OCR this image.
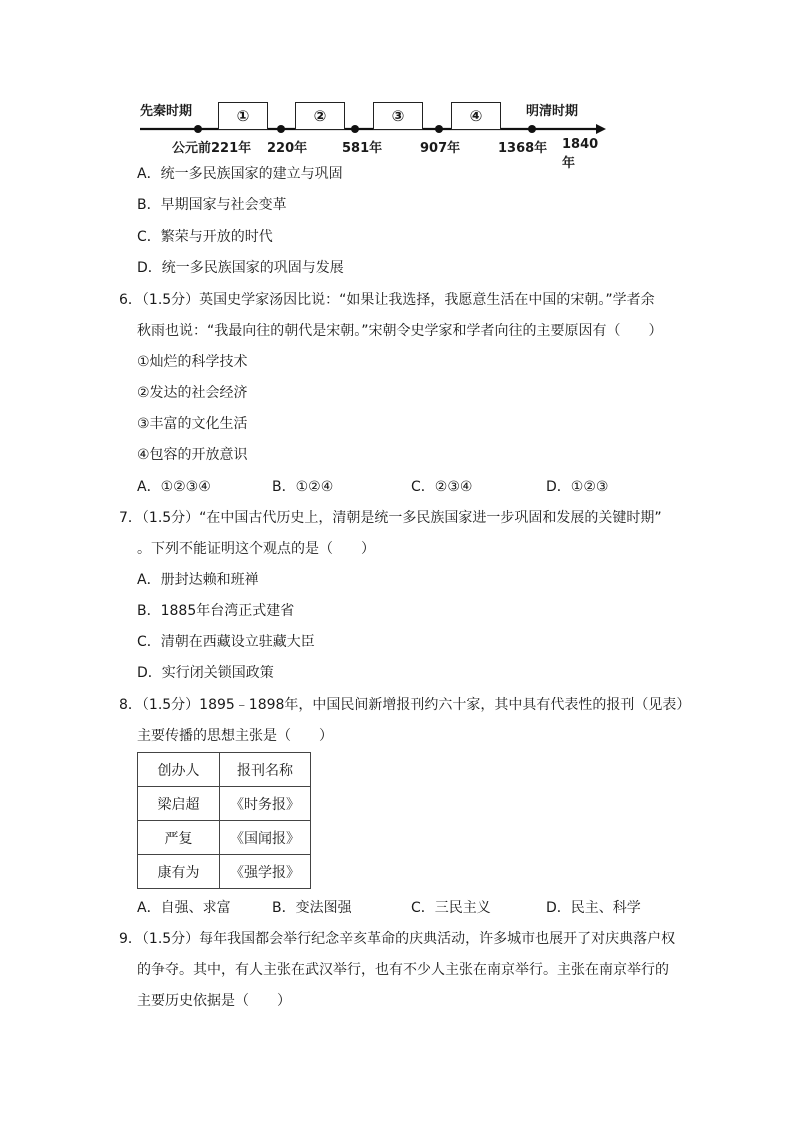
先秦时期	明清时期
①	②	③	④
公元前221年 220年	581年	907年	1368年 1840年
A．统一多民族国家的建立与巩固
B．早期国家与社会变革
C．繁荣与开放的时代
D．统一多民族国家的巩固与发展
6．（1.5分）英国史学家汤因比说：“如果让我选择，我愿意生活在中国的宋朝。”学者余
秋雨也说：“我最向往的朝代是宋朝。”宋朝令史学家和学者向往的主要原因有（　　）
①灿烂的科学技术
②发达的社会经济
③丰富的文化生活
④包容的开放意识
A．①②③④	B．①②④	C．②③④	D．①②③
7．（1.5分）“在中国古代历史上，清朝是统一多民族国家进一步巩固和发展的关键时期”
。下列不能证明这个观点的是（　　）
A．册封达赖和班禅
B．1885年台湾正式建省
C．清朝在西藏设立驻藏大臣
D．实行闭关锁国政策
8．（1.5分）1895﹣1898年，中国民间新增报刊约六十家，其中具有代表性的报刊（见表）
主要传播的思想主张是（　　）
创办人	报刊名称
梁启超	《时务报》
严复	《国闻报》
康有为	《强学报》
A．自强、求富	B．变法图强	C．三民主义	D．民主、科学
9．（1.5分）每年我国都会举行纪念辛亥革命的庆典活动，许多城市也展开了对庆典落户权
的争夺。其中，有人主张在武汉举行，也有不少人主张在南京举行。主张在南京举行的
主要历史依据是（　　）
